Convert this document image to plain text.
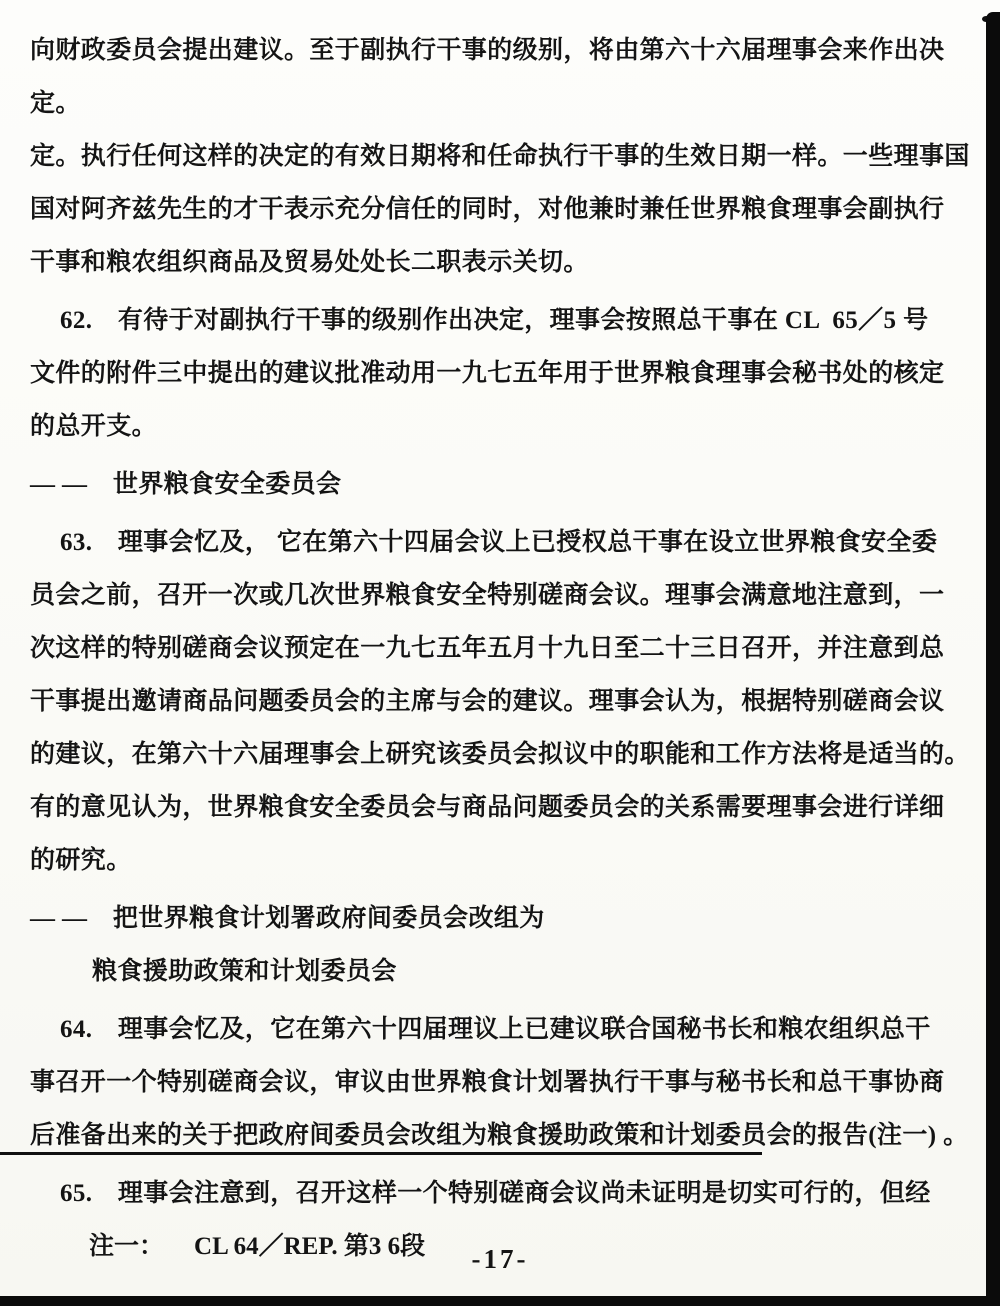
向财政委员会提出建议。至于副执行干事的级别，将由第六十六届理事会来作出决定。
定。执行任何这样的决定的有效日期将和任命执行干事的生效日期一样。一些理事国
国对阿齐兹先生的才干表示充分信任的同时，对他兼时兼任世界粮食理事会副执行
干事和粮农组织商品及贸易处处长二职表示关切。
62.　有待于对副执行干事的级别作出决定，理事会按照总干事在 CL  65／5 号
文件的附件三中提出的建议批准动用一九七五年用于世界粮食理事会秘书处的核定
的总开支。
— —　世界粮食安全委员会
63.　理事会忆及， 它在第六十四届会议上已授权总干事在设立世界粮食安全委
员会之前，召开一次或几次世界粮食安全特别磋商会议。理事会满意地注意到，一
次这样的特别磋商会议预定在一九七五年五月十九日至二十三日召开，并注意到总
干事提出邀请商品问题委员会的主席与会的建议。理事会认为，根据特别磋商会议
的建议，在第六十六届理事会上研究该委员会拟议中的职能和工作方法将是适当的。
有的意见认为，世界粮食安全委员会与商品问题委员会的关系需要理事会进行详细
的研究。
— —　把世界粮食计划署政府间委员会改组为
粮食援助政策和计划委员会
64.　理事会忆及，它在第六十四届理议上已建议联合国秘书长和粮农组织总干
事召开一个特别磋商会议，审议由世界粮食计划署执行干事与秘书长和总干事协商
后准备出来的关于把政府间委员会改组为粮食援助政策和计划委员会的报告(注一) 。
65.　理事会注意到，召开这样一个特别磋商会议尚未证明是切实可行的，但经

注一： CL 64／REP. 第3 6段
	-17-
